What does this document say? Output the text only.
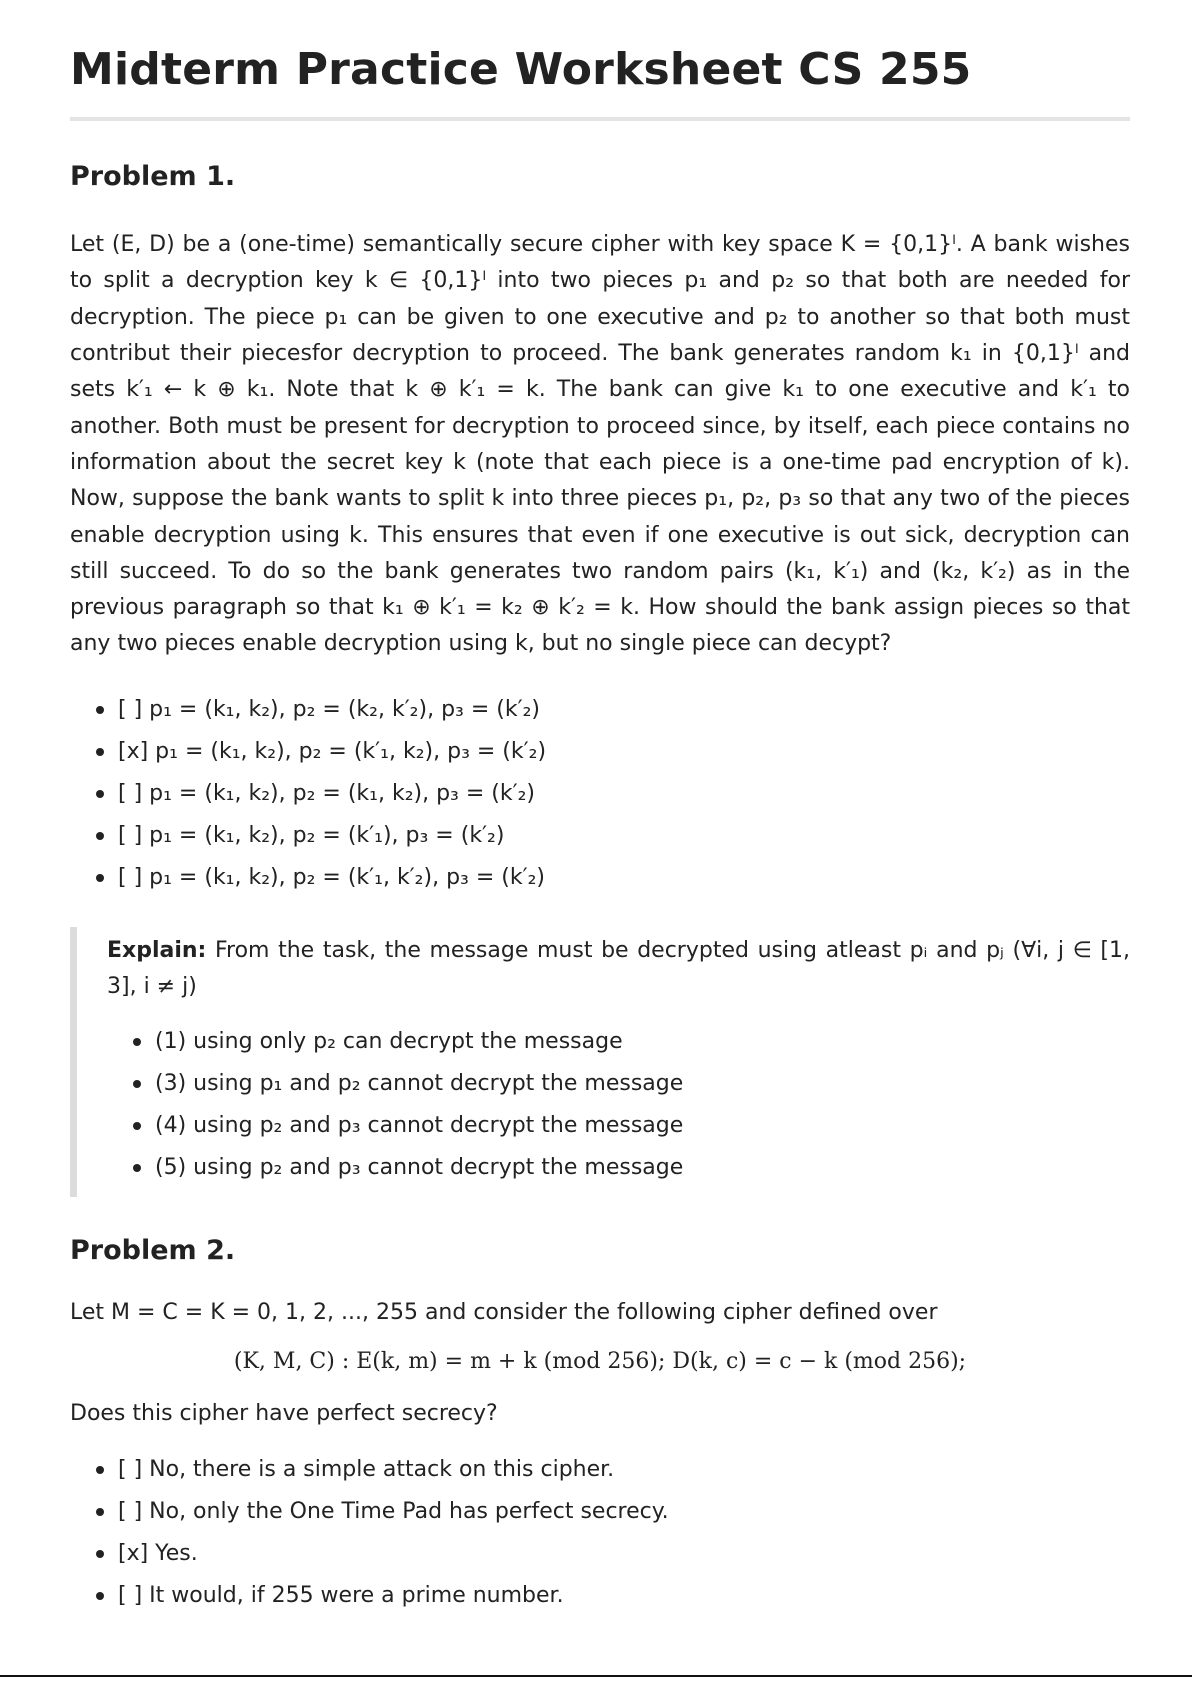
Midterm Practice Worksheet CS 255
Problem 1.

Let (E, D) be a (one-time) semantically secure cipher with key space K = {0,1}ˡ. A bank wishes to split a decryption key k ∈ {0,1}ˡ into two pieces p₁ and p₂ so that both are needed for decryption. The piece p₁ can be given to one executive and p₂ to another so that both must contribut their piecesfor decryption to proceed. The bank generates random k₁ in {0,1}ˡ and sets k′₁ ← k ⊕ k₁. Note that k ⊕ k′₁ = k. The bank can give k₁ to one executive and k′₁ to another. Both must be present for decryption to proceed since, by itself, each piece contains no information about the secret key k (note that each piece is a one-time pad encryption of k). Now, suppose the bank wants to split k into three pieces p₁, p₂, p₃ so that any two of the pieces enable decryption using k. This ensures that even if one executive is out sick, decryption can still succeed. To do so the bank generates two random pairs (k₁, k′₁) and (k₂, k′₂) as in the previous paragraph so that k₁ ⊕ k′₁ = k₂ ⊕ k′₂ = k. How should the bank assign pieces so that any two pieces enable decryption using k, but no single piece can decypt?

[ ] p₁ = (k₁, k₂), p₂ = (k₂, k′₂), p₃ = (k′₂)
[x] p₁ = (k₁, k₂), p₂ = (k′₁, k₂), p₃ = (k′₂)
[ ] p₁ = (k₁, k₂), p₂ = (k₁, k₂), p₃ = (k′₂)
[ ] p₁ = (k₁, k₂), p₂ = (k′₁), p₃ = (k′₂)
[ ] p₁ = (k₁, k₂), p₂ = (k′₁, k′₂), p₃ = (k′₂)

Explain: From the task, the message must be decrypted using atleast pᵢ and pⱼ (∀i, j ∈ [1, 3], i ≠ j)

(1) using only p₂ can decrypt the message
(3) using p₁ and p₂ cannot decrypt the message
(4) using p₂ and p₃ cannot decrypt the message
(5) using p₂ and p₃ cannot decrypt the message
Problem 2.

Let M = C = K = 0, 1, 2, ..., 255 and consider the following cipher defined over

(K, M, C) : E(k, m) = m + k (mod 256); D(k, c) = c − k (mod 256);

Does this cipher have perfect secrecy?

[ ] No, there is a simple attack on this cipher.
[ ] No, only the One Time Pad has perfect secrecy.
[x] Yes.
[ ] It would, if 255 were a prime number.
